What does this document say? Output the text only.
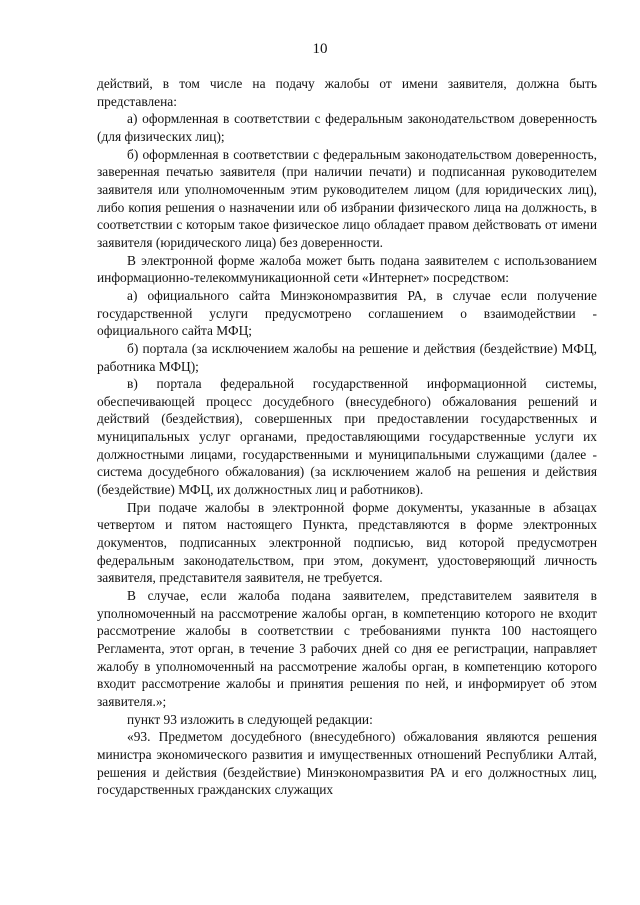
10

действий, в том числе на подачу жалобы от имени заявителя, должна быть представлена:

а) оформленная в соответствии с федеральным законодательством доверенность (для физических лиц);

б) оформленная в соответствии с федеральным законодательством доверенность, заверенная печатью заявителя (при наличии печати) и подписанная руководителем заявителя или уполномоченным этим руководителем лицом (для юридических лиц), либо копия решения о назначении или об избрании физического лица на должность, в соответствии с которым такое физическое лицо обладает правом действовать от имени заявителя (юридического лица) без доверенности.

В электронной форме жалоба может быть подана заявителем с использованием информационно-телекоммуникационной сети «Интернет» посредством:

а) официального сайта Минэкономразвития РА, в случае если получение государственной услуги предусмотрено соглашением о взаимодействии - официального сайта МФЦ;

б) портала (за исключением жалобы на решение и действия (бездействие) МФЦ, работника МФЦ);

в) портала федеральной государственной информационной системы, обеспечивающей процесс досудебного (внесудебного) обжалования решений и действий (бездействия), совершенных при предоставлении государственных и муниципальных услуг органами, предоставляющими государственные услуги их должностными лицами, государственными и муниципальными служащими (далее - система досудебного обжалования) (за исключением жалоб на решения и действия (бездействие) МФЦ, их должностных лиц и работников).

При подаче жалобы в электронной форме документы, указанные в абзацах четвертом и пятом настоящего Пункта, представляются в форме электронных документов, подписанных электронной подписью, вид которой предусмотрен федеральным законодательством, при этом, документ, удостоверяющий личность заявителя, представителя заявителя, не требуется.

В случае, если жалоба подана заявителем, представителем заявителя в уполномоченный на рассмотрение жалобы орган, в компетенцию которого не входит рассмотрение жалобы в соответствии с требованиями пункта 100 настоящего Регламента, этот орган, в течение 3 рабочих дней со дня ее регистрации, направляет жалобу в уполномоченный на рассмотрение жалобы орган, в компетенцию которого входит рассмотрение жалобы и принятия решения по ней, и информирует об этом заявителя.»;

пункт 93 изложить в следующей редакции:

«93. Предметом досудебного (внесудебного) обжалования являются решения министра экономического развития и имущественных отношений Республики Алтай, решения и действия (бездействие) Минэкономразвития РА и его должностных лиц, государственных гражданских служащих
